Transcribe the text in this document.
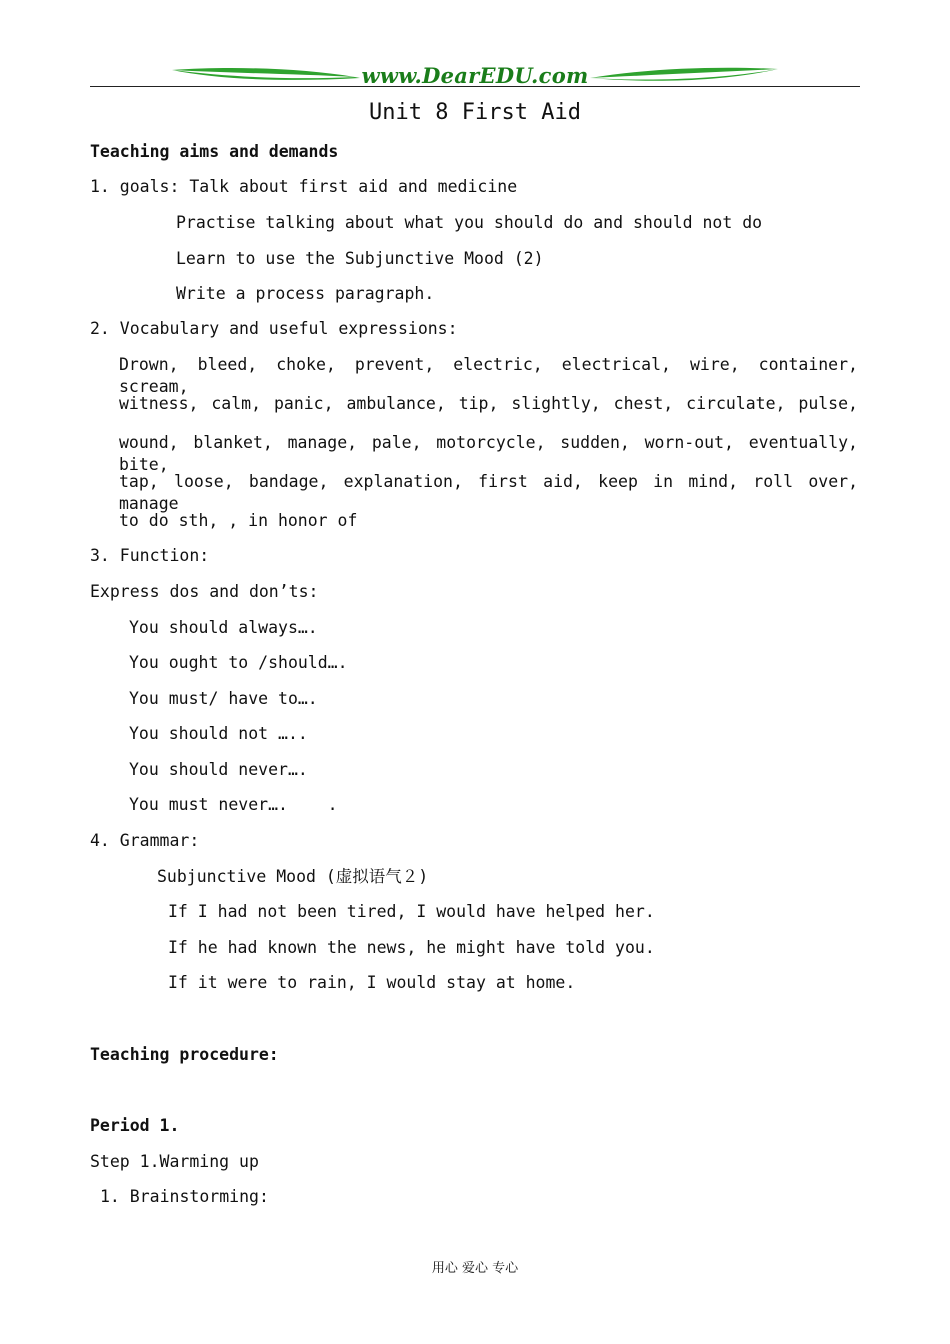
www.DearEDU.com
Unit 8 First Aid
Teaching aims and demands
1. goals: Talk about first aid and medicine
Practise talking about what you should do and should not do
Learn to use the Subjunctive Mood (2)
Write a process paragraph.
2. Vocabulary and useful expressions:
Drown, bleed, choke, prevent, electric, electrical, wire, container, scream,
witness, calm, panic, ambulance, tip, slightly, chest, circulate, pulse,
wound, blanket, manage, pale, motorcycle, sudden, worn-out, eventually, bite,
tap, loose, bandage, explanation, first aid, keep in mind, roll over, manage
to do sth, , in honor of
3. Function:
Express dos and don’ts:
You should always….
You ought to /should….
You must/ have to….
You should not …..
You should never….
You must never….    .
4. Grammar:
Subjunctive Mood (虚拟语气２)
If I had not been tired, I would have helped her.
If he had known the news, he might have told you.
If it were to rain, I would stay at home.
Teaching procedure:
Period 1.
Step 1.Warming up
1. Brainstorming:
用心 爱心 专心
